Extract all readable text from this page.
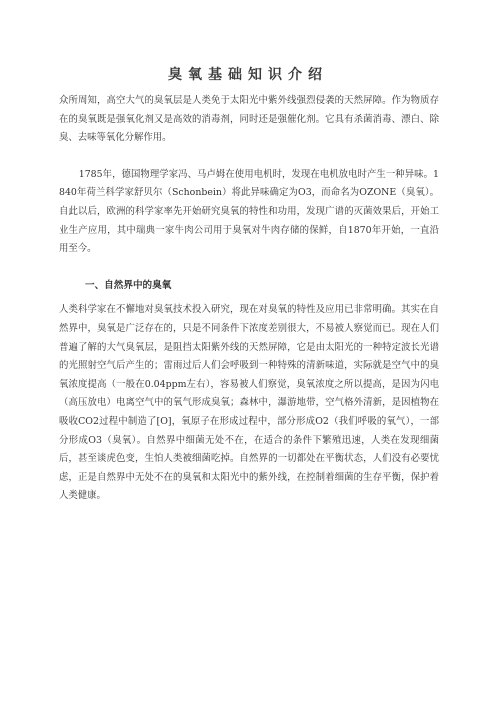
臭氧基础知识介绍

众所周知，高空大气的臭氧层是人类免于太阳光中紫外线强烈侵袭的天然屏障。作为物质存在的臭氧既是强氧化剂又是高效的消毒剂，同时还是强催化剂。它具有杀菌消毒、漂白、除臭、去味等氧化分解作用。

1785年，德国物理学家冯、马卢姆在使用电机时，发现在电机放电时产生一种异味。1840年荷兰科学家舒贝尔（Schonbein）将此异味确定为O3，而命名为OZONE（臭氧）。自此以后，欧洲的科学家率先开始研究臭氧的特性和功用，发现广谱的灭菌效果后，开始工业生产应用，其中瑞典一家牛肉公司用于臭氧对牛肉存储的保鲜，自1870年开始，一直沿用至今。

一、自然界中的臭氧

人类科学家在不懈地对臭氧技术投入研究，现在对臭氧的特性及应用已非常明确。其实在自然界中，臭氧是广泛存在的，只是不同条件下浓度差别很大，不易被人察觉而已。现在人们普遍了解的大气臭氧层，是阻挡太阳紫外线的天然屏障，它是由太阳光的一种特定波长光谱的光照射空气后产生的；雷雨过后人们会呼吸到一种特殊的清新味道，实际就是空气中的臭氧浓度提高（一般在0.04ppm左右），容易被人们察觉，臭氧浓度之所以提高，是因为闪电（高压放电）电离空气中的氧气形成臭氧；森林中，瀑游地带，空气格外清新，是因植物在吸收CO2过程中制造了[O]，氧原子在形成过程中，部分形成O2（我们呼吸的氧气），一部分形成O3（臭氧）。自然界中细菌无处不在，在适合的条件下繁殖迅速，人类在发现细菌后，甚至谈虎色变，生怕人类被细菌吃掉。自然界的一切都处在平衡状态，人们没有必要忧虑，正是自然界中无处不在的臭氧和太阳光中的紫外线，在控制着细菌的生存平衡，保护着人类健康。
